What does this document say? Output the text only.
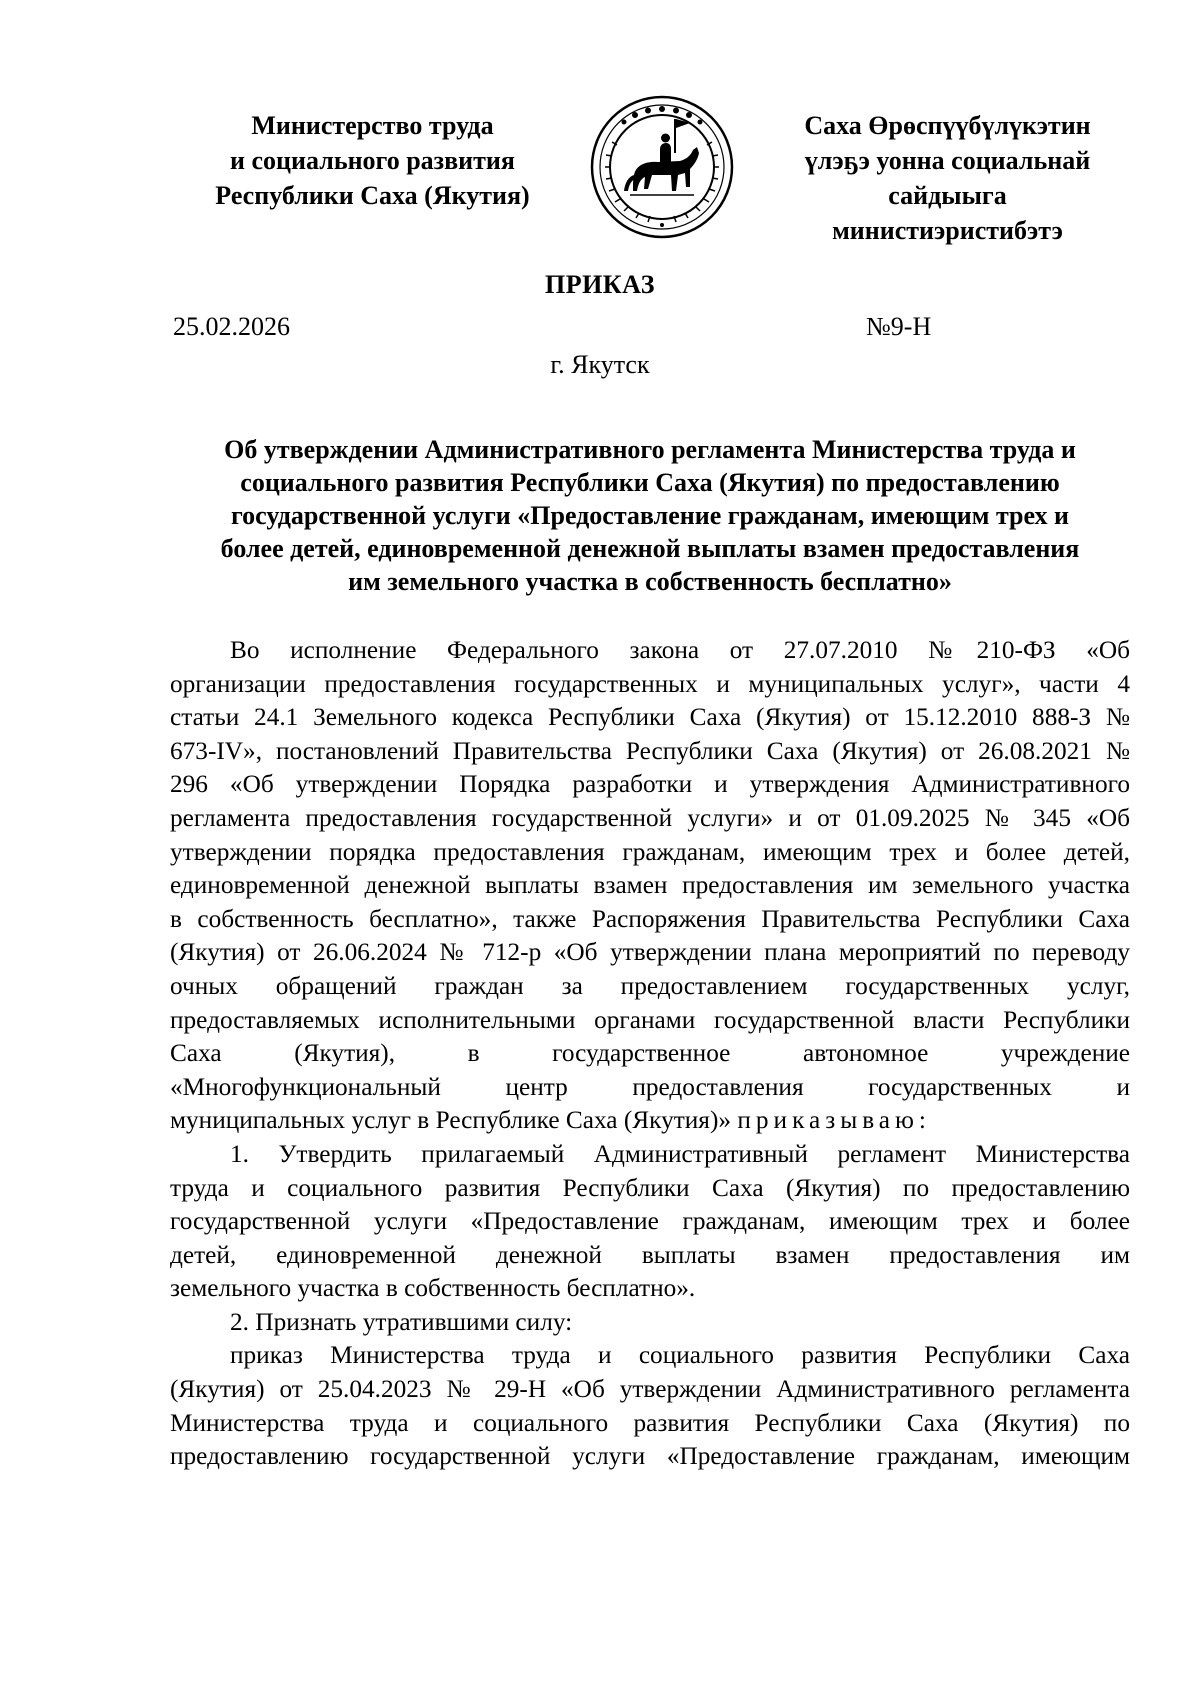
Министерство труда
и социального развития
Республики Саха (Якутия)
Саха Өрөспүүбүлүкэтин
үлэҕэ уонна социальнай
сайдыыга
министиэристибэтэ
ПРИКАЗ
25.02.2026	№9-Н
г. Якутск
Об утверждении Административного регламента Министерства труда и
социального развития Республики Саха (Якутия) по предоставлению
государственной услуги «Предоставление гражданам, имеющим трех и
более детей, единовременной денежной выплаты взамен предоставления
им земельного участка в собственность бесплатно»
Во исполнение Федерального закона от 27.07.2010 №210-ФЗ «Об
организации предоставления государственных и муниципальных услуг», части 4
статьи 24.1 Земельного кодекса Республики Саха (Якутия) от 15.12.2010 888-З №
673-IV», постановлений Правительства Республики Саха (Якутия) от 26.08.2021 №
296 «Об утверждении Порядка разработки и утверждения Административного
регламента предоставления государственной услуги» и от 01.09.2025 № 345 «Об
утверждении порядка предоставления гражданам, имеющим трех и более детей,
единовременной денежной выплаты взамен предоставления им земельного участка
в собственность бесплатно», также Распоряжения Правительства Республики Саха
(Якутия) от 26.06.2024 № 712-р «Об утверждении плана мероприятий по переводу
очных обращений граждан за предоставлением государственных услуг,
предоставляемых исполнительными органами государственной власти Республики
Саха (Якутия), в государственное автономное учреждение
«Многофункциональный центр предоставления государственных и
муниципальных услуг в Республике Саха (Якутия)» приказываю:
1. Утвердить прилагаемый Административный регламент Министерства
труда и социального развития Республики Саха (Якутия) по предоставлению
государственной услуги «Предоставление гражданам, имеющим трех и более
детей, единовременной денежной выплаты взамен предоставления им
земельного участка в собственность бесплатно».
2. Признать утратившими силу:
приказ Министерства труда и социального развития Республики Саха
(Якутия) от 25.04.2023 № 29-Н «Об утверждении Административного регламента
Министерства труда и социального развития Республики Саха (Якутия) по
предоставлению государственной услуги «Предоставление гражданам, имеющим
